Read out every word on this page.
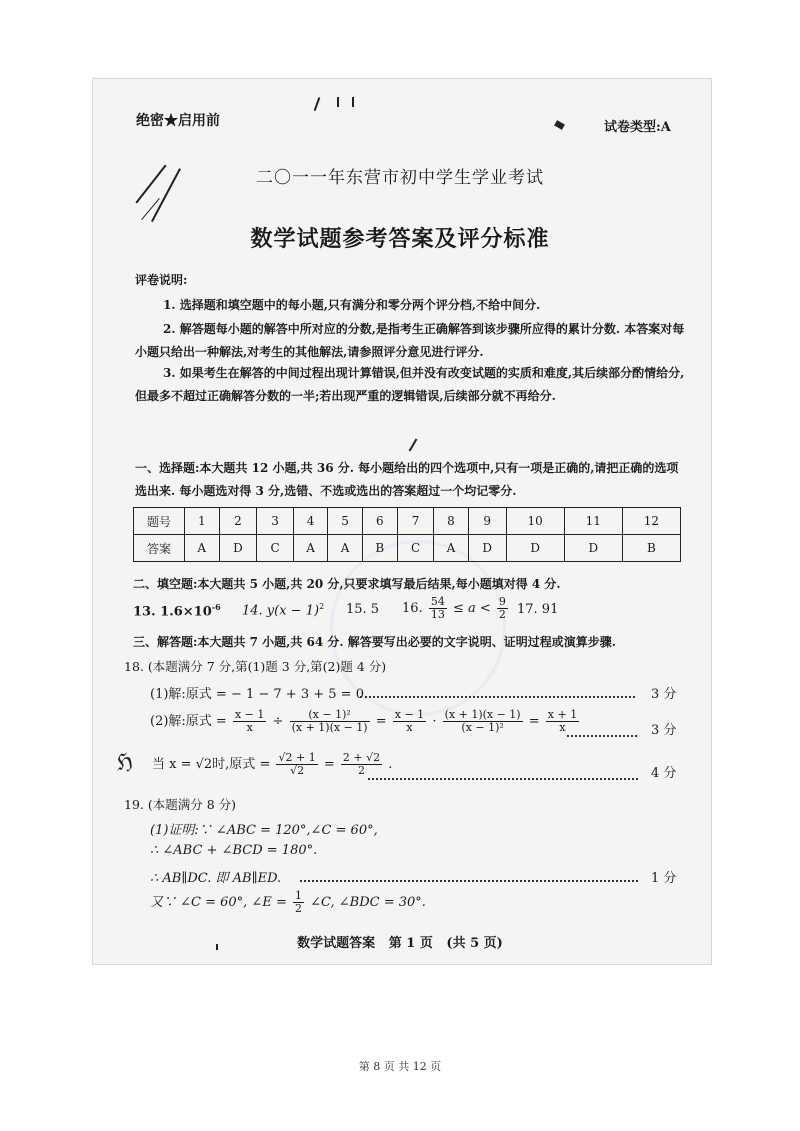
ℌ
绝密★启用前	试卷类型:A
二〇一一年东营市初中学生学业考试
数学试题参考答案及评分标准
评卷说明:
1. 选择题和填空题中的每小题,只有满分和零分两个评分档,不给中间分.
2. 解答题每小题的解答中所对应的分数,是指考生正确解答到该步骤所应得的累计分数. 本答案对每小题只给出一种解法,对考生的其他解法,请参照评分意见进行评分.
3. 如果考生在解答的中间过程出现计算错误,但并没有改变试题的实质和难度,其后续部分酌情给分,但最多不超过正确解答分数的一半;若出现严重的逻辑错误,后续部分就不再给分.
一、选择题:本大题共 12 小题,共 36 分. 每小题给出的四个选项中,只有一项是正确的,请把正确的选项选出来. 每小题选对得 3 分,选错、不选或选出的答案超过一个均记零分.
题号	1	2	3	4	5	6	7	8	9	10	11	12
答案	A	D	C	A	A	B	C	A	D	D	D	B
二、填空题:本大题共 5 小题,共 20 分,只要求填写最后结果,每小题填对得 4 分.
13. $1.6\times 10^{-6}$ 14. $y(x - 1)^2$ 15. 5 16. $\frac{54}{13} \le a < \frac{9}{2} 17$. 91
三、解答题:本大题共 7 小题,共 64 分. 解答要写出必要的文字说明、证明过程或演算步骤.
18. (本题满分 7 分,第(1)题 3 分,第(2)题 4 分)
(1)解:原式 = − 1 − 7 + 3 + 5 = 0.	3 分
(2)解:原式 = $\frac{x - 1}{x} \div \frac{\text{(x − 1)²}}{(x + 1)(x - 1)} = \frac{x - 1}{x} \cdot \frac{(x + 1)(x - 1)}{\text{(x − 1)²}} = \frac{x + 1}{x}$	3 分
当 x = √2时,原式 = $\frac{√2 + 1}{√2} = \frac{2 + √2}{2}$ .
4 分
19. (本题满分 8 分)
(1)证明:∵ ∠ABC = 120°,∠C = 60°,
∴ ∠ABC + ∠BCD = 180°.
∴ AB∥DC. 即 AB∥ED.	1 分
又∵ ∠C = 60°, ∠E = $\frac{1}{2}$ ∠C, ∠BDC = 30°.
数学试题答案   第 1 页   (共 5 页)
第 8 页 共 12 页
